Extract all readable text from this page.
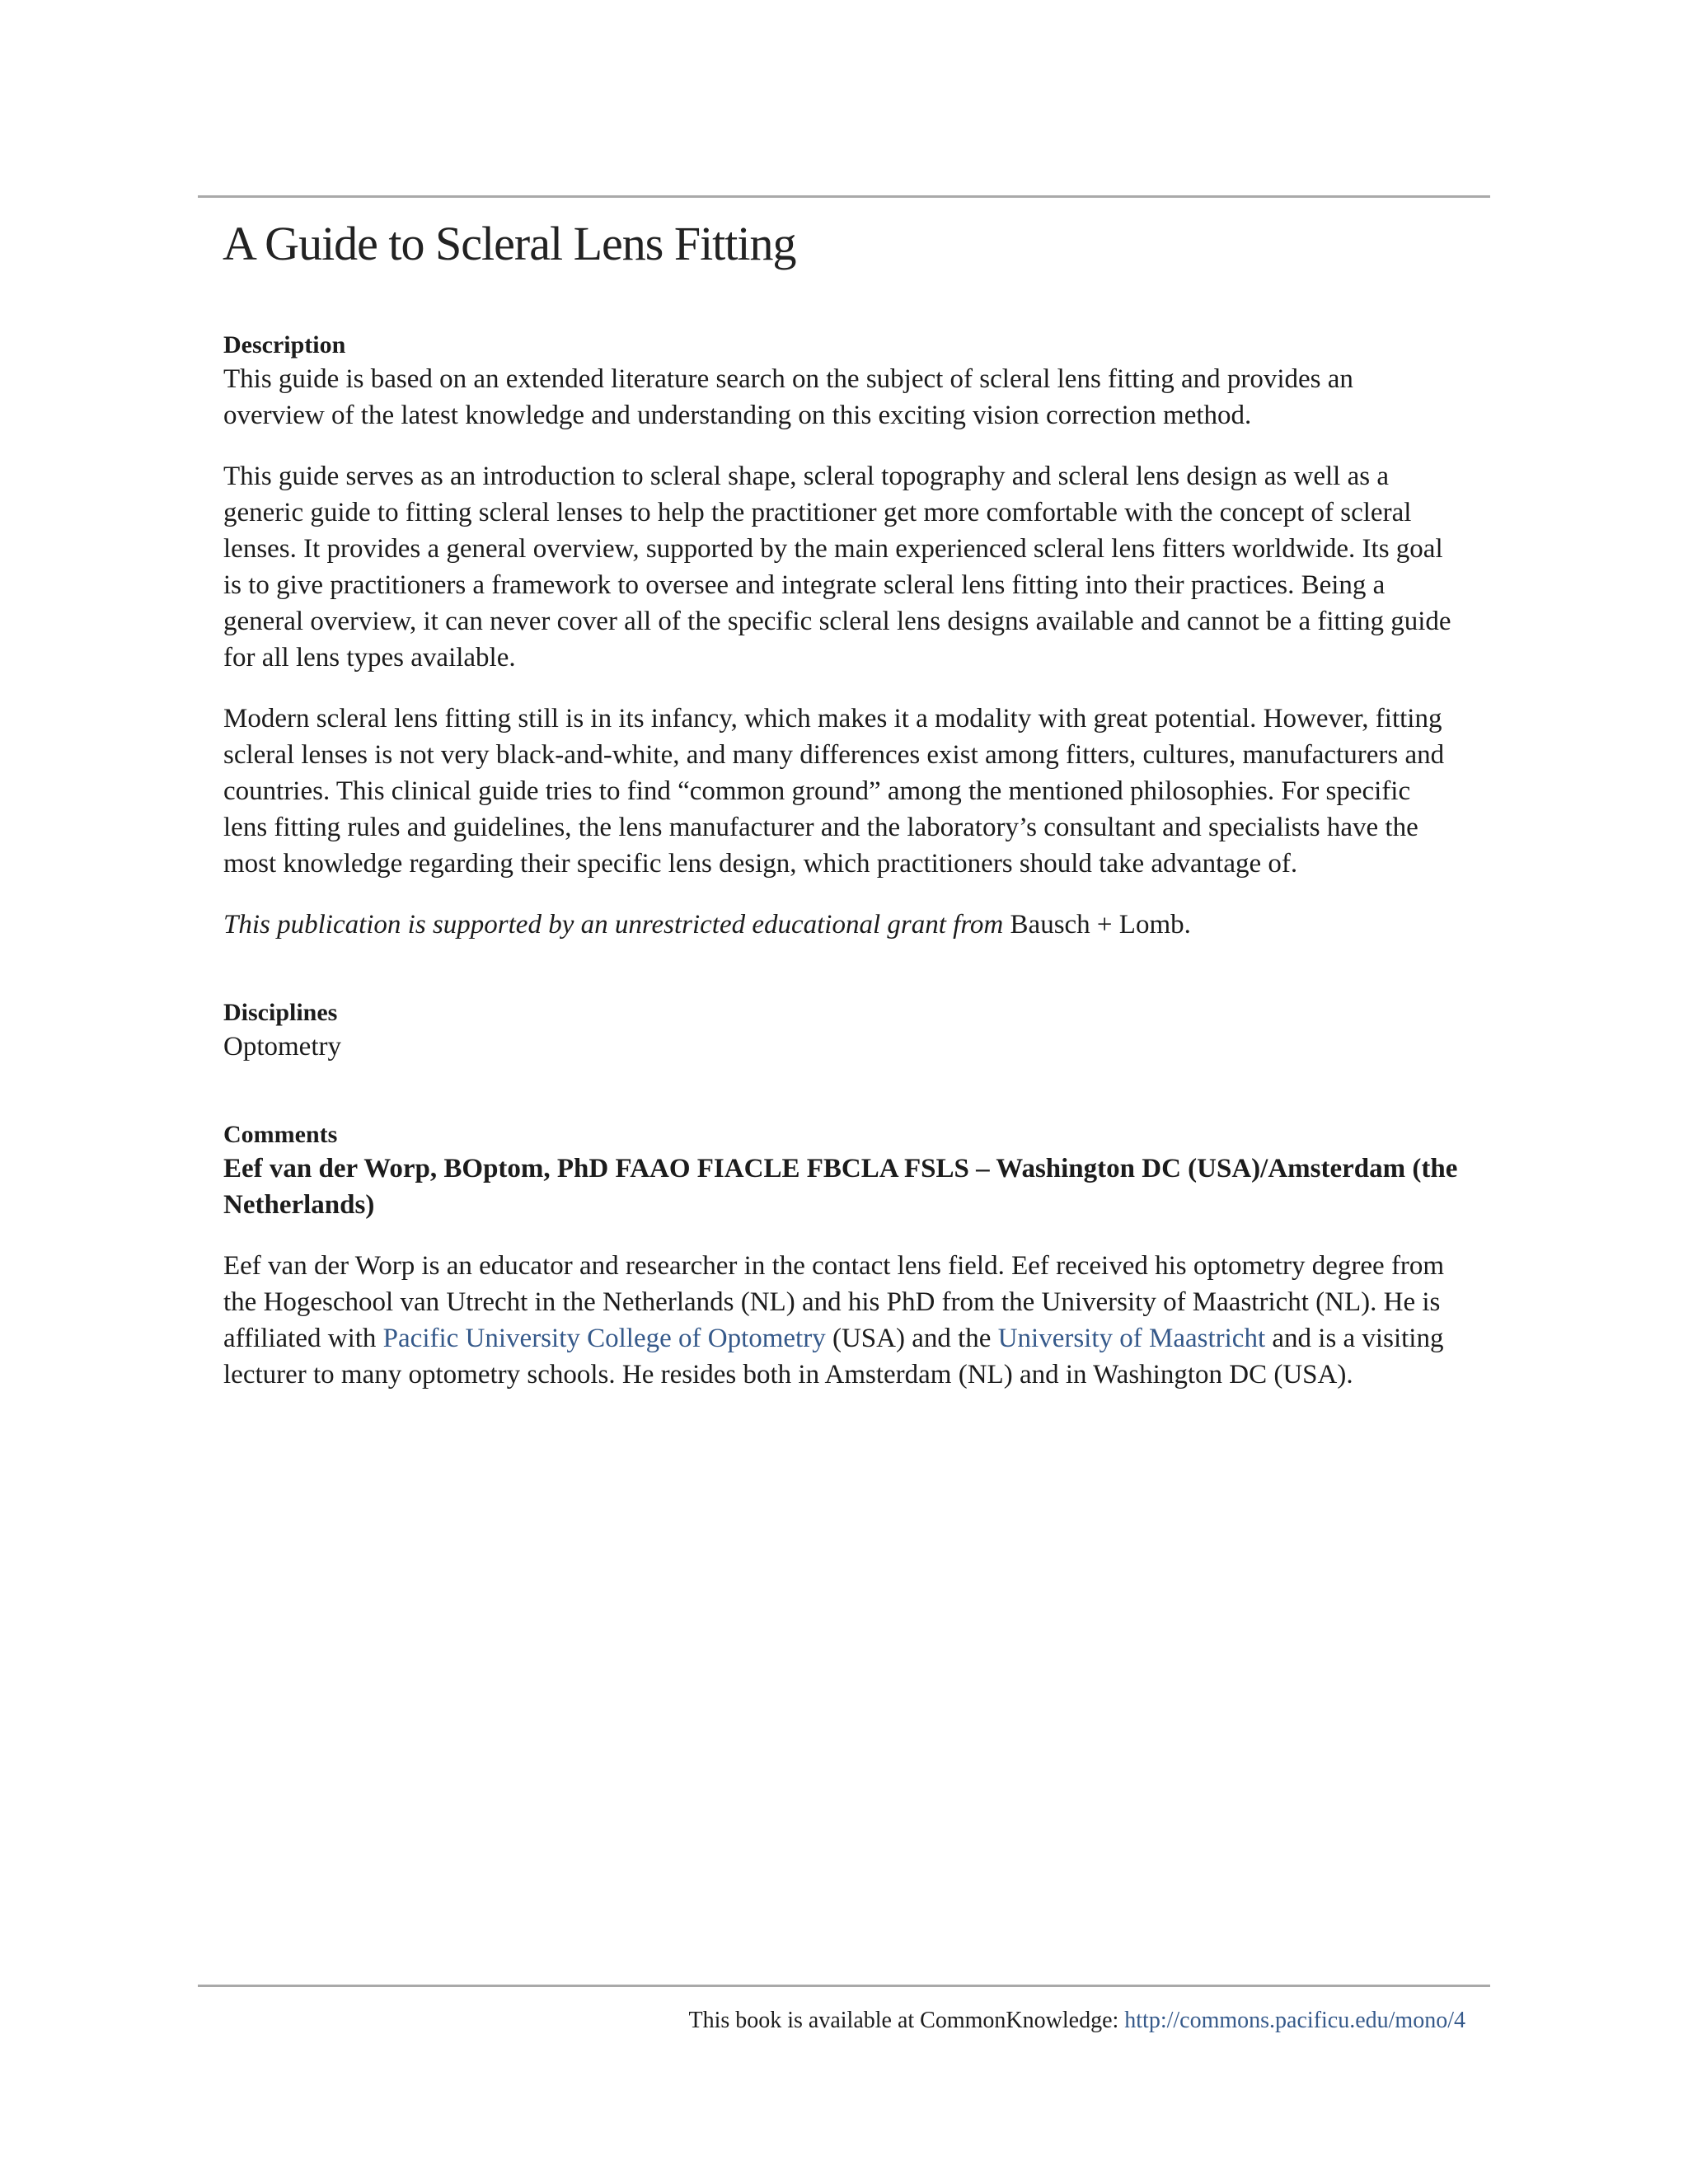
A Guide to Scleral Lens Fitting

Description

This guide is based on an extended literature search on the subject of scleral lens fitting and provides an overview of the latest knowledge and understanding on this exciting vision correction method.

This guide serves as an introduction to scleral shape, scleral topography and scleral lens design as well as a generic guide to fitting scleral lenses to help the practitioner get more comfortable with the concept of scleral lenses. It provides a general overview, supported by the main experienced scleral lens fitters worldwide. Its goal is to give practitioners a framework to oversee and integrate scleral lens fitting into their practices. Being a general overview, it can never cover all of the specific scleral lens designs available and cannot be a fitting guide for all lens types available.

Modern scleral lens fitting still is in its infancy, which makes it a modality with great potential. However, fitting scleral lenses is not very black-and-white, and many differences exist among fitters, cultures, manufacturers and countries. This clinical guide tries to find “common ground” among the mentioned philosophies. For specific lens fitting rules and guidelines, the lens manufacturer and the laboratory’s consultant and specialists have the most knowledge regarding their specific lens design, which practitioners should take advantage of.

This publication is supported by an unrestricted educational grant from Bausch + Lomb.

Disciplines

Optometry

Comments

Eef van der Worp, BOptom, PhD FAAO FIACLE FBCLA FSLS – Washington DC (USA)/Amsterdam (the Netherlands)

Eef van der Worp is an educator and researcher in the contact lens field. Eef received his optometry degree from the Hogeschool van Utrecht in the Netherlands (NL) and his PhD from the University of Maastricht (NL). He is affiliated with Pacific University College of Optometry (USA) and the University of Maastricht and is a visiting lecturer to many optometry schools. He resides both in Amsterdam (NL) and in Washington DC (USA).

This book is available at CommonKnowledge: http://commons.pacificu.edu/mono/4
